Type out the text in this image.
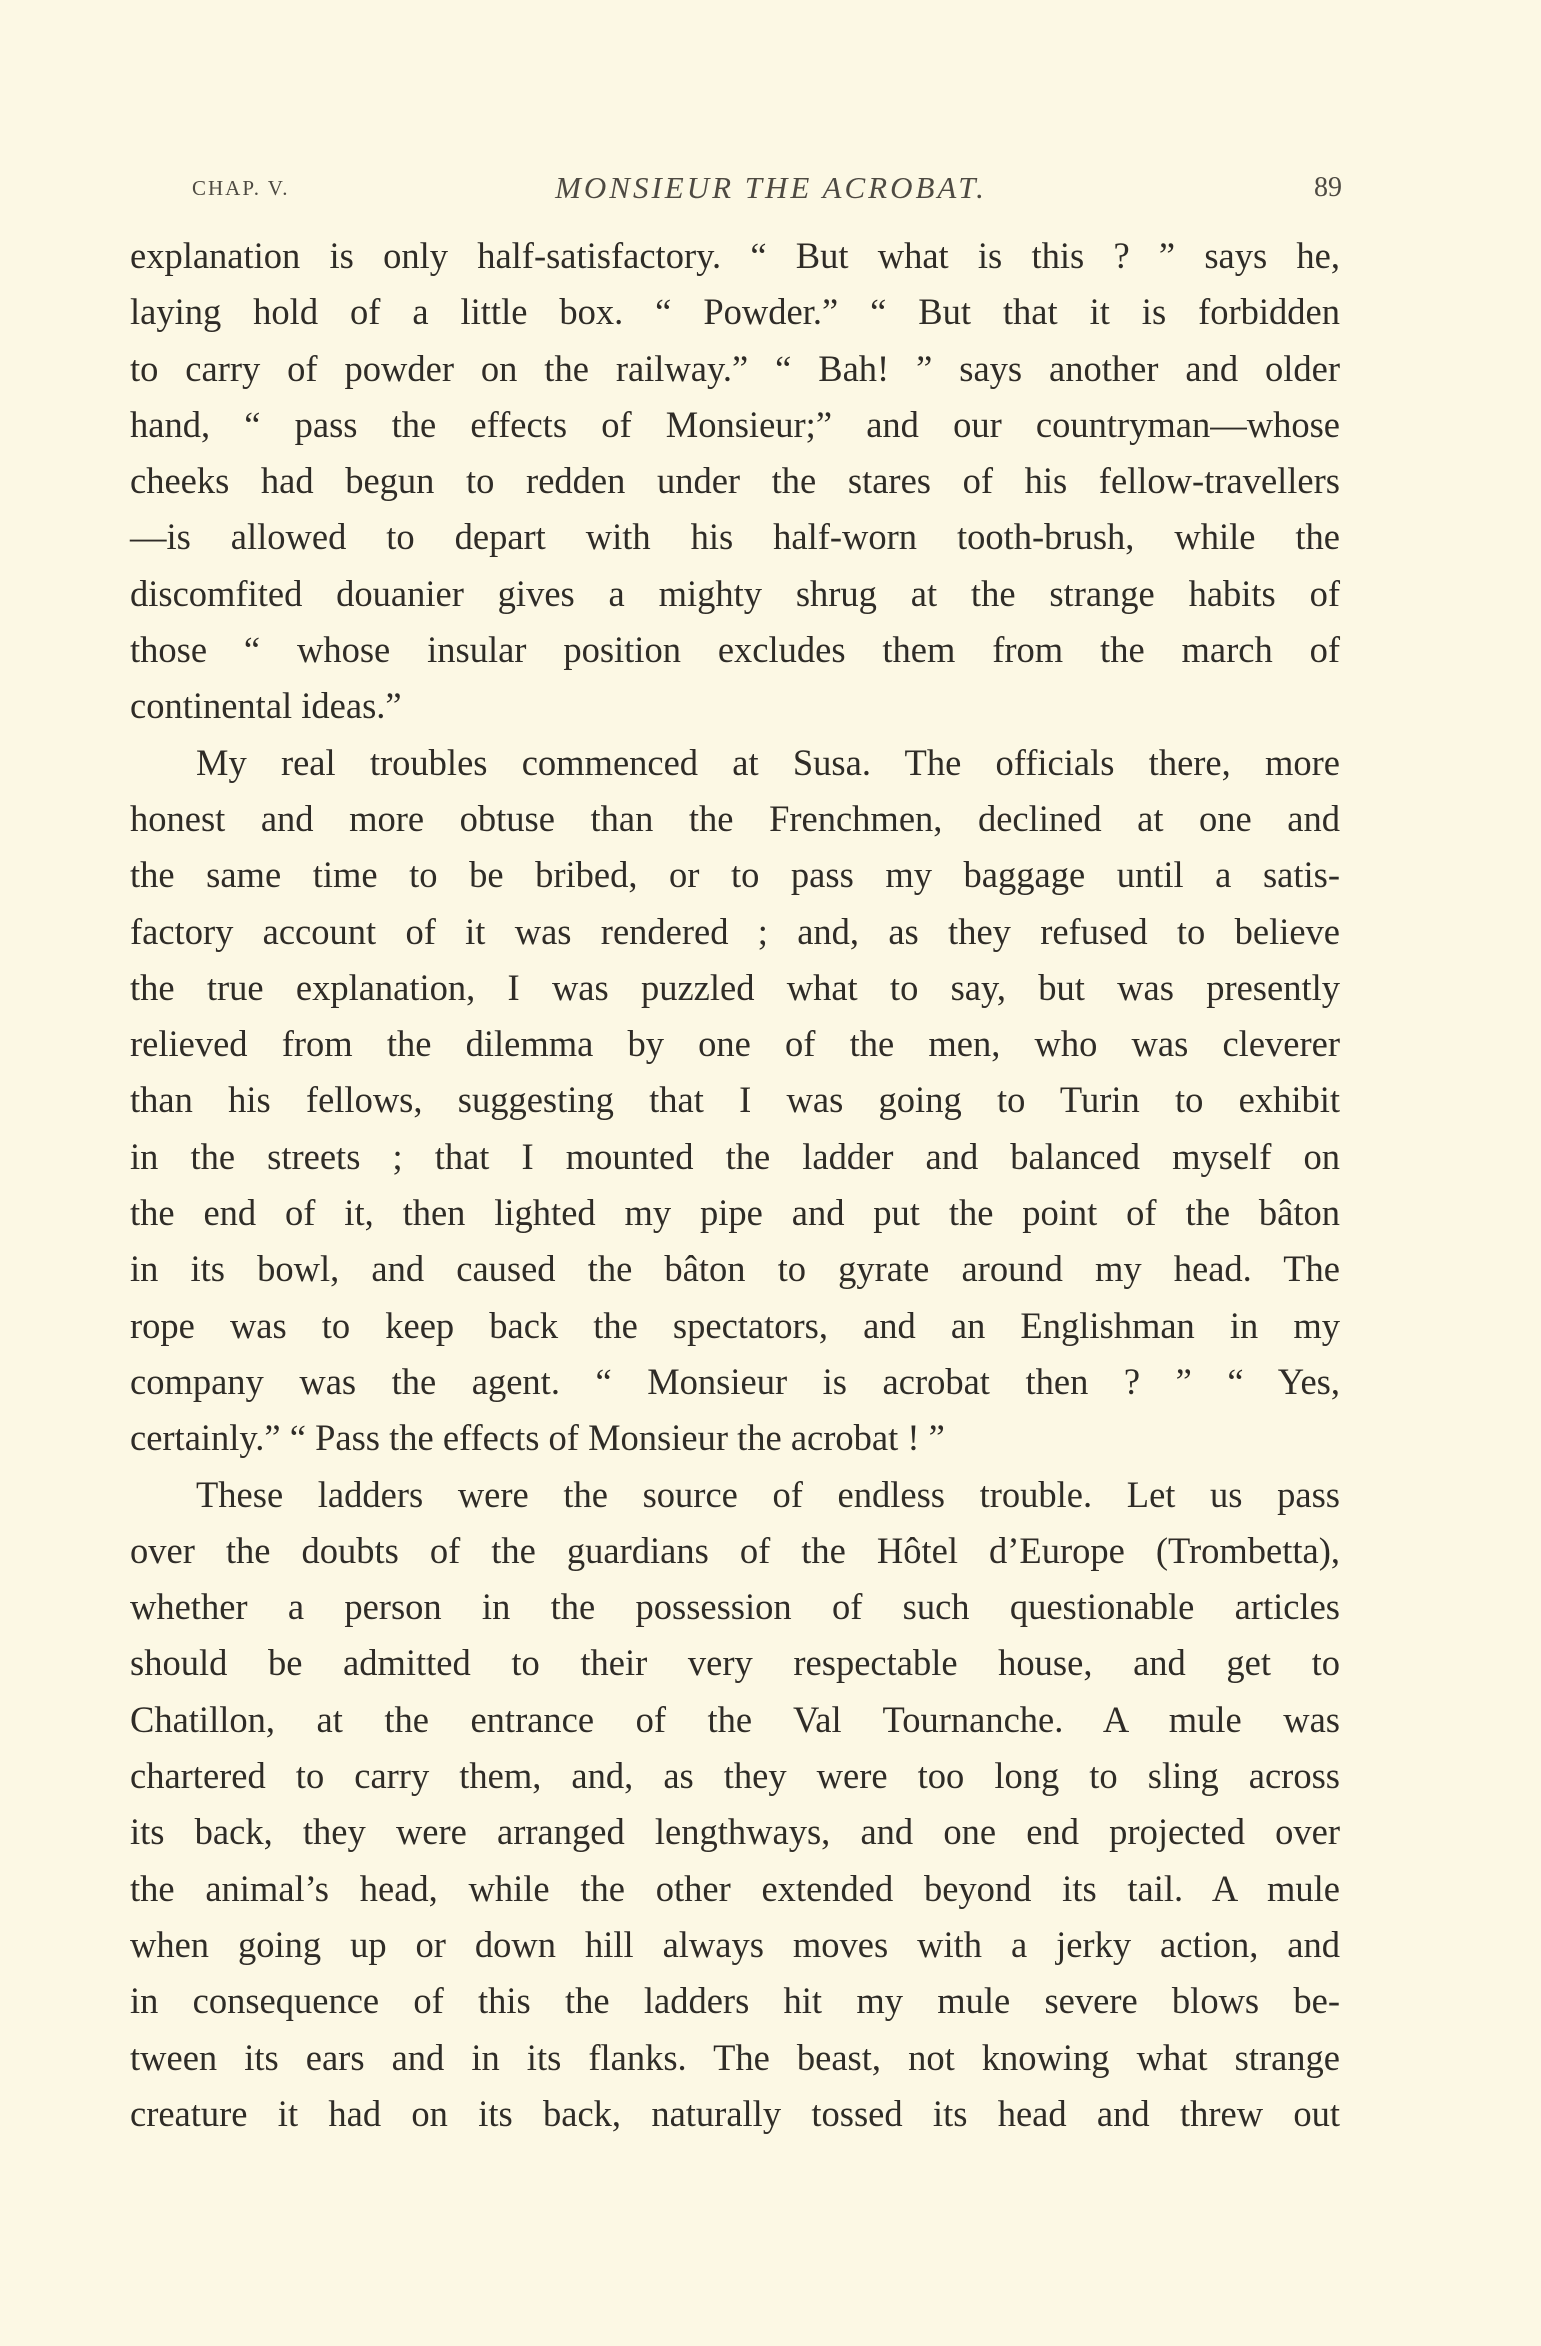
CHAP. V.	MONSIEUR THE ACROBAT.	89
explanation is only half-satisfactory. “ But what is this ? ” says he,
laying hold of a little box. “ Powder.” “ But that it is forbidden
to carry of powder on the railway.” “ Bah! ” says another and older
hand, “ pass the effects of Monsieur;” and our countryman—whose
cheeks had begun to redden under the stares of his fellow-travellers
—is allowed to depart with his half-worn tooth-brush, while the
discomfited douanier gives a mighty shrug at the strange habits of
those “ whose insular position excludes them from the march of
continental ideas.”
My real troubles commenced at Susa. The officials there, more
honest and more obtuse than the Frenchmen, declined at one and
the same time to be bribed, or to pass my baggage until a satis-
factory account of it was rendered ; and, as they refused to believe
the true explanation, I was puzzled what to say, but was presently
relieved from the dilemma by one of the men, who was cleverer
than his fellows, suggesting that I was going to Turin to exhibit
in the streets ; that I mounted the ladder and balanced myself on
the end of it, then lighted my pipe and put the point of the bâton
in its bowl, and caused the bâton to gyrate around my head. The
rope was to keep back the spectators, and an Englishman in my
company was the agent. “ Monsieur is acrobat then ? ” “ Yes,
certainly.” “ Pass the effects of Monsieur the acrobat ! ”
These ladders were the source of endless trouble. Let us pass
over the doubts of the guardians of the Hôtel d’Europe (Trombetta),
whether a person in the possession of such questionable articles
should be admitted to their very respectable house, and get to
Chatillon, at the entrance of the Val Tournanche. A mule was
chartered to carry them, and, as they were too long to sling across
its back, they were arranged lengthways, and one end projected over
the animal’s head, while the other extended beyond its tail. A mule
when going up or down hill always moves with a jerky action, and
in consequence of this the ladders hit my mule severe blows be-
tween its ears and in its flanks. The beast, not knowing what strange
creature it had on its back, naturally tossed its head and threw out
